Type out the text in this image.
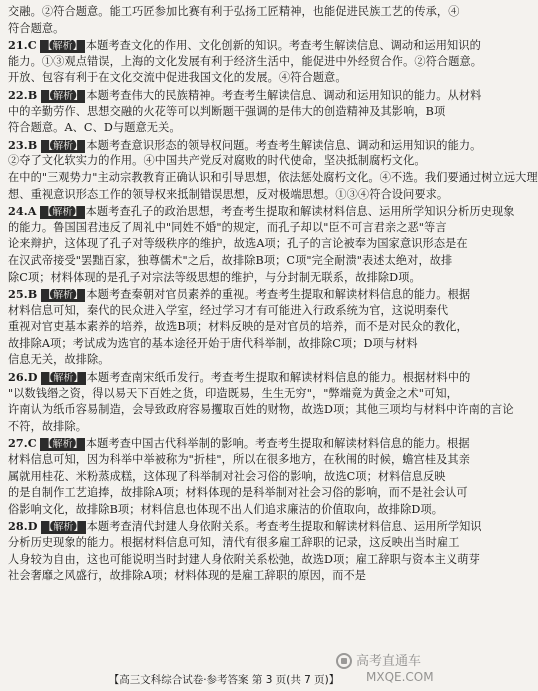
交融。②符合题意。能工巧匠参加比赛有利于弘扬工匠精神，也能促进民族工艺的传承，④
符合题意。
21.C 【解析】 本题考查文化的作用、文化创新的知识。考查考生解读信息、调动和运用知识的
能力。①③观点错误，上海的文化发展有利于经济生活中，能促进中外经贸合作。②符合题意。
开放、包容有利于在文化交流中促进我国文化的发展。④符合题意。
22.B 【解析】 本题考查伟大的民族精神。考查考生解读信息、调动和运用知识的能力。从材料
中的辛勤劳作、思想交融的火花等可以判断题干强调的是伟大的创造精神及其影响，B项
符合题意。A、C、D与题意无关。
23.B 【解析】 本题考查意识形态的领导权问题。考查考生解读信息、调动和运用知识的能力。
②夺了文化软实力的作用。④中国共产党反对腐败的时代使命，坚决抵制腐朽文化。
在中的"三观势力"主动宗教教育正确认识和引导思想，依法惩处腐朽文化。④不选。我们要通过树立远大理
想、重视意识形态工作的领导权来抵制错误思想，反对极端思想。①③④符合设问要求。
24.A 【解析】 本题考查孔子的政治思想，考查考生提取和解读材料信息、运用所学知识分析历史现象
的能力。鲁国国君违反了周礼中"同姓不婚"的规定，而孔子却以"臣不可言君亲之恶"等言
论来辩护，这体现了孔子对等级秩序的维护，故选A项；孔子的言论被奉为国家意识形态是在
在汉武帝接受"罢黜百家，独尊儒术"之后，故排除B项；C项"完全耐溃"表述太绝对，故排
除C项；材料体现的是孔子对宗法等级思想的维护，与分封制无联系，故排除D项。
25.B 【解析】 本题考查秦朝对官员素养的重视。考查考生提取和解读材料信息的能力。根据
材料信息可知，秦代的民众进入学室，经过学习才有可能进入行政系统为官，这说明秦代
重视对官吏基本素养的培养，故选B项；材料反映的是对官员的培养，而不是对民众的教化，
故排除A项；考试成为选官的基本途径开始于唐代科举制，故排除C项；D项与材料
信息无关，故排除。
26.D 【解析】 本题考查南宋纸币发行。考查考生提取和解读材料信息的能力。根据材料中的
"以数钱缗之资，得以易天下百姓之货，印造既易，生生无穷"，"弊端竟为黄金之术"可知，
许南认为纸币容易制造，会导致政府容易攫取百姓的财物，故选D项；其他三项均与材料中许南的言论
不符，故排除。
27.C 【解析】 本题考查中国古代科举制的影响。考查考生提取和解读材料信息的能力。根据
材料信息可知，因为科举中举被称为"折桂"，所以在很多地方，在秋闱的时候，蟾宫桂及其亲
属就用桂花、米粉蒸成糕，这体现了科举制对社会习俗的影响，故选C项；材料信息反映
的是自制作工艺追捧，故排除A项；材料体现的是科举制对社会习俗的影响，而不是社会认可
俗影响文化，故排除B项；材料信息也体现不出人们追求廉洁的价值取向，故排除D项。
28.D 【解析】 本题考查清代封建人身依附关系。考查考生提取和解读材料信息、运用所学知识
分析历史现象的能力。根据材料信息可知，清代有很多雇工辞职的记录，这反映出当时雇工
人身较为自由，这也可能说明当时封建人身依附关系松弛，故选D项；雇工辞职与资本主义萌芽
社会奢靡之风盛行，故排除A项；材料体现的是雇工辞职的原因，而不是
【高三文科综合试卷·参考答案 第 3 页(共 7 页)】
高考直通车
MXQE.COM
